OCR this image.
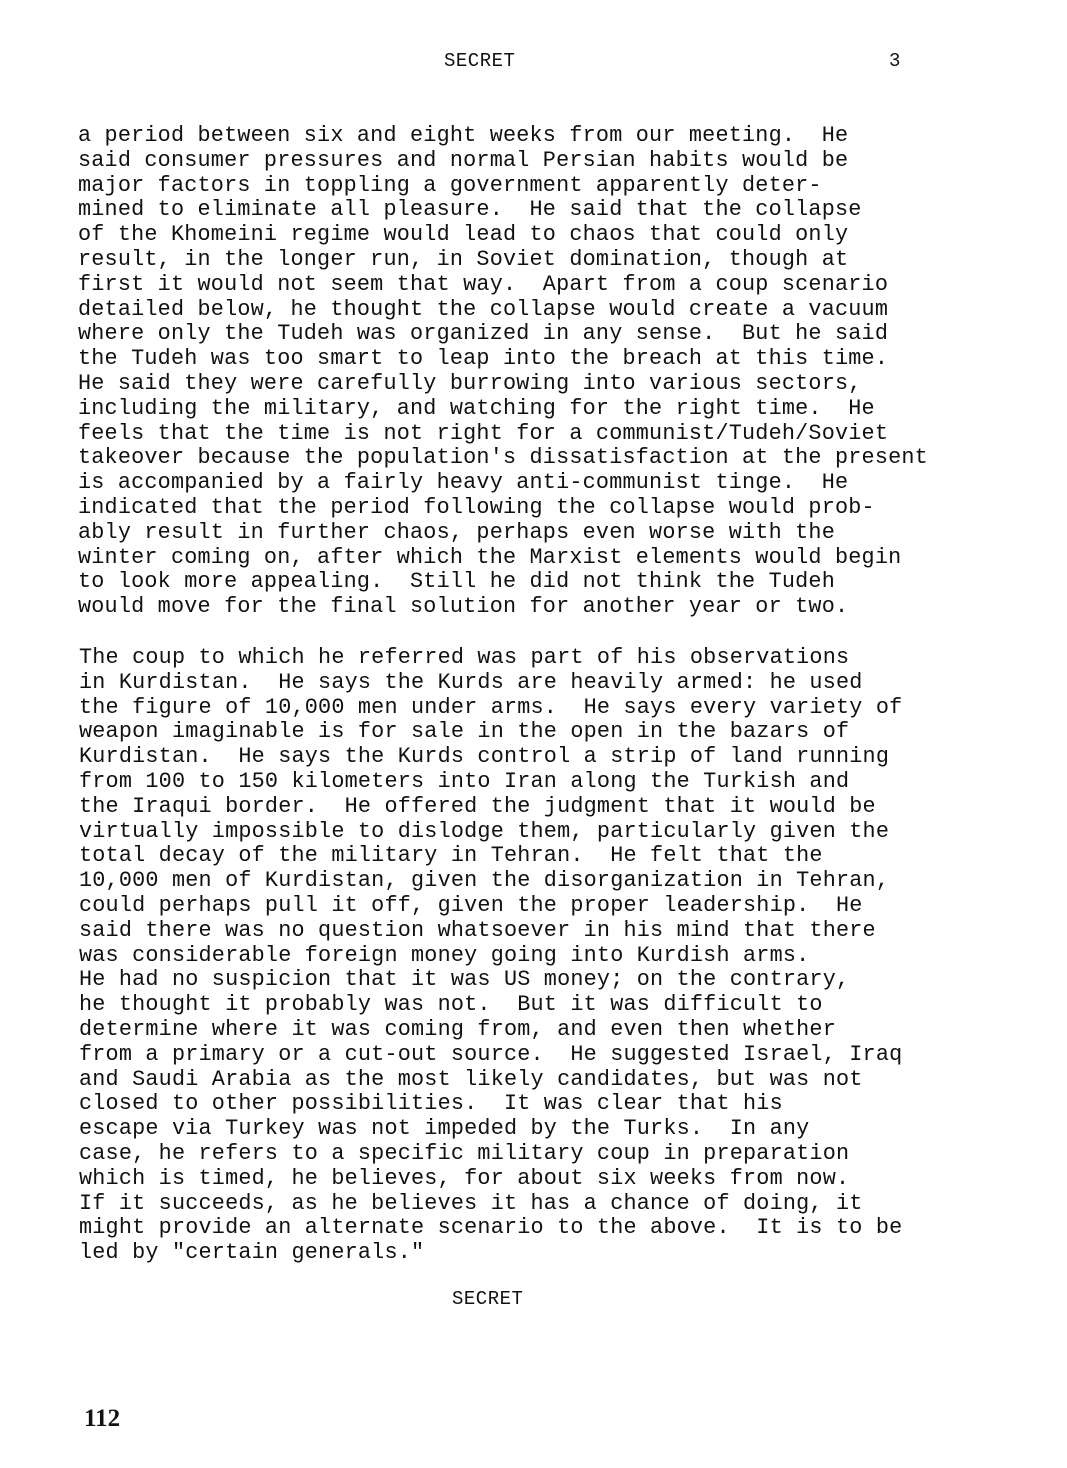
SECRET	3
a period between six and eight weeks from our meeting.  He
said consumer pressures and normal Persian habits would be
major factors in toppling a government apparently deter-
mined to eliminate all pleasure.  He said that the collapse
of the Khomeini regime would lead to chaos that could only
result, in the longer run, in Soviet domination, though at
first it would not seem that way.  Apart from a coup scenario
detailed below, he thought the collapse would create a vacuum
where only the Tudeh was organized in any sense.  But he said
the Tudeh was too smart to leap into the breach at this time.
He said they were carefully burrowing into various sectors,
including the military, and watching for the right time.  He
feels that the time is not right for a communist/Tudeh/Soviet
takeover because the population's dissatisfaction at the present
is accompanied by a fairly heavy anti-communist tinge.  He
indicated that the period following the collapse would prob-
ably result in further chaos, perhaps even worse with the
winter coming on, after which the Marxist elements would begin
to look more appealing.  Still he did not think the Tudeh
would move for the final solution for another year or two.
The coup to which he referred was part of his observations
in Kurdistan.  He says the Kurds are heavily armed: he used
the figure of 10,000 men under arms.  He says every variety of
weapon imaginable is for sale in the open in the bazars of
Kurdistan.  He says the Kurds control a strip of land running
from 100 to 150 kilometers into Iran along the Turkish and
the Iraqui border.  He offered the judgment that it would be
virtually impossible to dislodge them, particularly given the
total decay of the military in Tehran.  He felt that the
10,000 men of Kurdistan, given the disorganization in Tehran,
could perhaps pull it off, given the proper leadership.  He
said there was no question whatsoever in his mind that there
was considerable foreign money going into Kurdish arms.
He had no suspicion that it was US money; on the contrary,
he thought it probably was not.  But it was difficult to
determine where it was coming from, and even then whether
from a primary or a cut-out source.  He suggested Israel, Iraq
and Saudi Arabia as the most likely candidates, but was not
closed to other possibilities.  It was clear that his
escape via Turkey was not impeded by the Turks.  In any
case, he refers to a specific military coup in preparation
which is timed, he believes, for about six weeks from now.
If it succeeds, as he believes it has a chance of doing, it
might provide an alternate scenario to the above.  It is to be
led by "certain generals."
SECRET
112
